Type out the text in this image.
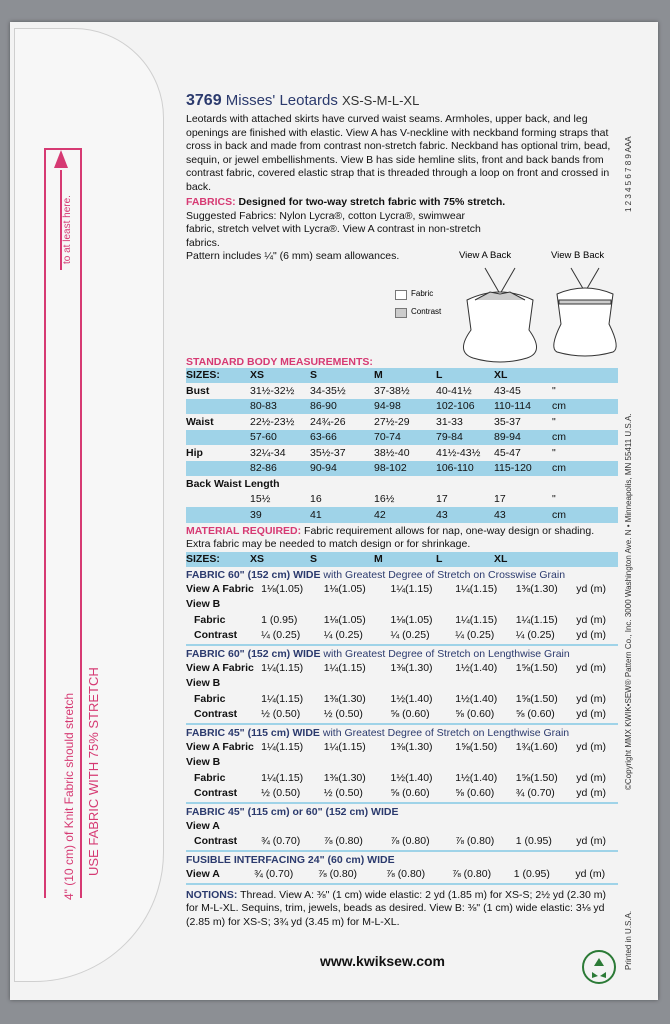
to at least here.
4" (10 cm) of Knit Fabric should stretch USE FABRIC WITH 75% STRETCH
3769 Misses' Leotards XS-S-M-L-XL

Leotards with attached skirts have curved waist seams. Armholes, upper back, and leg openings are finished with elastic. View A has V-neckline with neckband forming straps that cross in back and made from contrast non-stretch fabric. Neckband has optional trim, bead, sequin, or jewel embellishments. View B has side hemline slits, front and back bands from contrast fabric, covered elastic strap that is threaded through a loop on front and crossed in back.

FABRICS: Designed for two-way stretch fabric with 75% stretch.

Suggested Fabrics: Nylon Lycra®, cotton Lycra®, swimwear fabric, stretch velvet with Lycra®. View A contrast in non-stretch fabrics.

Pattern includes ¼" (6 mm) seam allowances.

STANDARD BODY MEASUREMENTS:
SIZES:	XS	S	M	L	XL	
Bust	31½-32½	34-35½	37-38½	40-41½	43-45	"
	80-83	86-90	94-98	102-106	110-114	cm
Waist	22½-23½	24¾-26	27½-29	31-33	35-37	"
	57-60	63-66	70-74	79-84	89-94	cm
Hip	32¼-34	35½-37	38½-40	41½-43½	45-47	"
	82-86	90-94	98-102	106-110	115-120	cm
Back Waist Length						
	15½	16	16½	17	17	"
	39	41	42	43	43	cm

MATERIAL REQUIRED: Fabric requirement allows for nap, one-way design or shading. Extra fabric may be needed to match design or for shrinkage.

SIZES:	XS	S	M	L	XL	
FABRIC 60" (152 cm) WIDE with Greatest Degree of Stretch on Crosswise Grain
View A Fabric	1⅛(1.05)	1⅛(1.05)	1¼(1.15)	1¼(1.15)	1⅜(1.30)	yd (m)
View B						
Fabric	1 (0.95)	1⅛(1.05)	1⅛(1.05)	1¼(1.15)	1¼(1.15)	yd (m)
Contrast	¼ (0.25)	¼ (0.25)	¼ (0.25)	¼ (0.25)	¼ (0.25)	yd (m)
FABRIC 60" (152 cm) WIDE with Greatest Degree of Stretch on Lengthwise Grain
View A Fabric	1¼(1.15)	1¼(1.15)	1⅜(1.30)	1½(1.40)	1⅝(1.50)	yd (m)
View B						
Fabric	1¼(1.15)	1⅜(1.30)	1½(1.40)	1½(1.40)	1⅝(1.50)	yd (m)
Contrast	½ (0.50)	½ (0.50)	⅝ (0.60)	⅝ (0.60)	⅝ (0.60)	yd (m)
FABRIC 45" (115 cm) WIDE with Greatest Degree of Stretch on Lengthwise Grain
View A Fabric	1¼(1.15)	1¼(1.15)	1⅜(1.30)	1⅝(1.50)	1¾(1.60)	yd (m)
View B						
Fabric	1¼(1.15)	1⅜(1.30)	1½(1.40)	1½(1.40)	1⅝(1.50)	yd (m)
Contrast	½ (0.50)	½ (0.50)	⅝ (0.60)	⅝ (0.60)	¾ (0.70)	yd (m)
FABRIC 45" (115 cm) or 60" (152 cm) WIDE
View A						
Contrast	¾ (0.70)	⅞ (0.80)	⅞ (0.80)	⅞ (0.80)	1 (0.95)	yd (m)
FUSIBLE INTERFACING 24" (60 cm) WIDE
View A	¾ (0.70)	⅞ (0.80)	⅞ (0.80)	⅞ (0.80)	1 (0.95)	yd (m)

NOTIONS: Thread. View A: ⅜" (1 cm) wide elastic: 2 yd (1.85 m) for XS-S; 2½ yd (2.30 m) for M-L-XL. Sequins, trim, jewels, beads as desired. View B: ⅜" (1 cm) wide elastic: 3⅛ yd (2.85 m) for XS-S; 3¾ yd (3.45 m) for M-L-XL.

View A Back	View B Back
Fabric
Contrast
1 2 3 4 5 6 7 8 9 AAA
©Copyright MMX KWIK•SEW® Pattern Co., Inc. 3000 Washington Ave. N • Minneapolis, MN 55411 U.S.A.
Printed in U.S.A.
www.kwiksew.com
